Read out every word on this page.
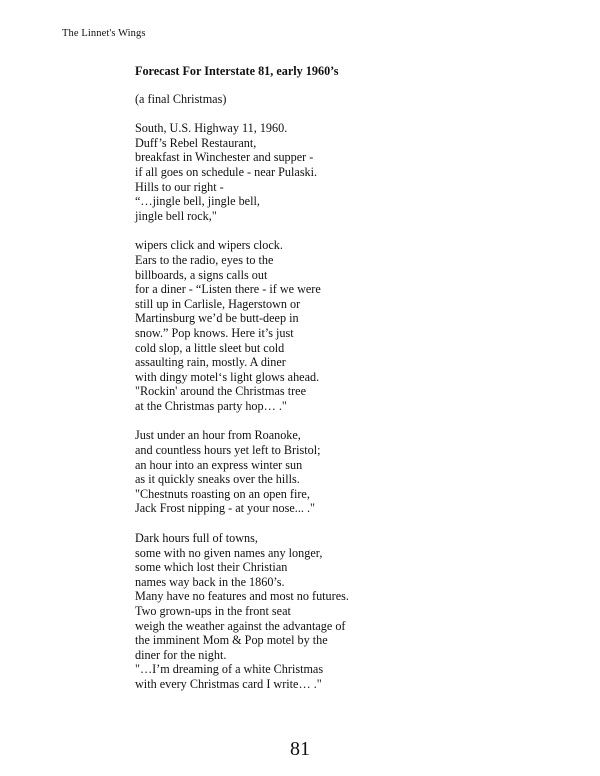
The Linnet's Wings
Forecast For Interstate 81, early 1960’s
(a final Christmas)
South, U.S. Highway 11, 1960.
Duff’s Rebel Restaurant,
breakfast in Winchester and supper -
if all goes on schedule - near Pulaski.
Hills to our right -
“…jingle bell, jingle bell,
jingle bell rock,"
wipers click and wipers clock.
Ears to the radio, eyes to the
billboards, a signs calls out
for a diner - “Listen there - if we were
still up in Carlisle, Hagerstown or
Martinsburg we’d be butt-deep in
snow.” Pop knows. Here it’s just
cold slop, a little sleet but cold
assaulting rain, mostly. A diner
with dingy motel‘s light glows ahead.
"Rockin' around the Christmas tree
at the Christmas party hop… ."
Just under an hour from Roanoke,
and countless hours yet left to Bristol;
an hour into an express winter sun
as it quickly sneaks over the hills.
"Chestnuts roasting on an open fire,
Jack Frost nipping - at your nose... ."
Dark hours full of towns,
some with no given names any longer,
some which lost their Christian
names way back in the 1860’s.
Many have no features and most no futures.
Two grown-ups in the front seat
weigh the weather against the advantage of
the imminent Mom & Pop motel by the
diner for the night.
"…I’m dreaming of a white Christmas
with every Christmas card I write… ."
81
